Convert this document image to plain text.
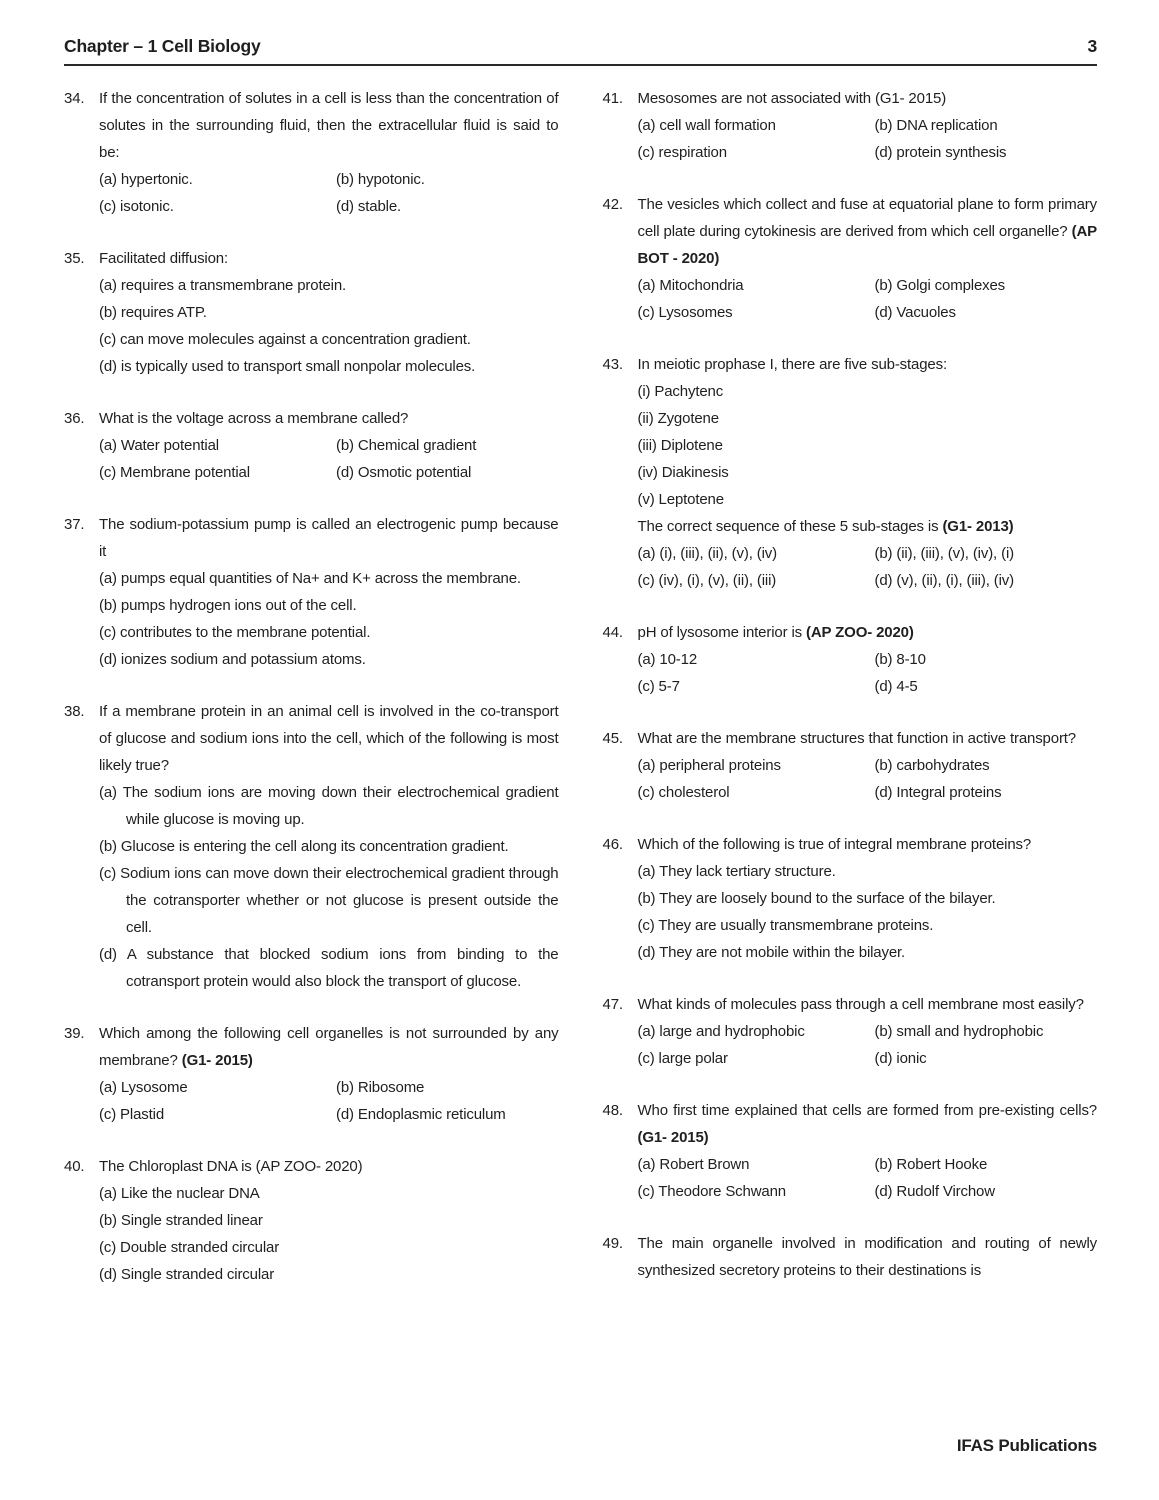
Chapter – 1 Cell Biology	3
34. If the concentration of solutes in a cell is less than the concentration of solutes in the surrounding fluid, then the extracellular fluid is said to be:
(a) hypertonic.	(b) hypotonic.
(c) isotonic.	(d) stable.
35. Facilitated diffusion:
(a) requires a transmembrane protein.
(b) requires ATP.
(c) can move molecules against a concentration gradient.
(d) is typically used to transport small nonpolar molecules.
36. What is the voltage across a membrane called?
(a) Water potential	(b) Chemical gradient
(c) Membrane potential	(d) Osmotic potential
37. The sodium-potassium pump is called an electrogenic pump because it
(a) pumps equal quantities of Na+ and K+ across the membrane.
(b) pumps hydrogen ions out of the cell.
(c) contributes to the membrane potential.
(d) ionizes sodium and potassium atoms.
38. If a membrane protein in an animal cell is involved in the co-transport of glucose and sodium ions into the cell, which of the following is most likely true?
(a) The sodium ions are moving down their electrochemical gradient while glucose is moving up.
(b) Glucose is entering the cell along its concentration gradient.
(c) Sodium ions can move down their electrochemical gradient through the cotransporter whether or not glucose is present outside the cell.
(d) A substance that blocked sodium ions from binding to the cotransport protein would also block the transport of glucose.
39. Which among the following cell organelles is not surrounded by any membrane? (G1- 2015)
(a) Lysosome	(b) Ribosome
(c) Plastid	(d) Endoplasmic reticulum
40. The Chloroplast DNA is (AP ZOO- 2020)
(a) Like the nuclear DNA
(b) Single stranded linear
(c) Double stranded circular
(d) Single stranded circular
41. Mesosomes are not associated with (G1- 2015)
(a) cell wall formation	(b) DNA replication
(c) respiration	(d) protein synthesis
42. The vesicles which collect and fuse at equatorial plane to form primary cell plate during cytokinesis are derived from which cell organelle? (AP BOT - 2020)
(a) Mitochondria	(b) Golgi complexes
(c) Lysosomes	(d) Vacuoles
43. In meiotic prophase I, there are five sub-stages:
(i) Pachytenc
(ii) Zygotene
(iii) Diplotene
(iv) Diakinesis
(v) Leptotene
The correct sequence of these 5 sub-stages is (G1- 2013)
(a) (i), (iii), (ii), (v), (iv)	(b) (ii), (iii), (v), (iv), (i)
(c) (iv), (i), (v), (ii), (iii)	(d) (v), (ii), (i), (iii), (iv)
44. pH of lysosome interior is (AP ZOO- 2020)
(a) 10-12	(b) 8-10
(c) 5-7	(d) 4-5
45. What are the membrane structures that function in active transport?
(a) peripheral proteins	(b) carbohydrates
(c) cholesterol	(d) Integral proteins
46. Which of the following is true of integral membrane proteins?
(a) They lack tertiary structure.
(b) They are loosely bound to the surface of the bilayer.
(c) They are usually transmembrane proteins.
(d) They are not mobile within the bilayer.
47. What kinds of molecules pass through a cell membrane most easily?
(a) large and hydrophobic	(b) small and hydrophobic
(c) large polar	(d) ionic
48. Who first time explained that cells are formed from pre-existing cells? (G1- 2015)
(a) Robert Brown	(b) Robert Hooke
(c) Theodore Schwann	(d) Rudolf Virchow
49. The main organelle involved in modification and routing of newly synthesized secretory proteins to their destinations is
IFAS Publications
